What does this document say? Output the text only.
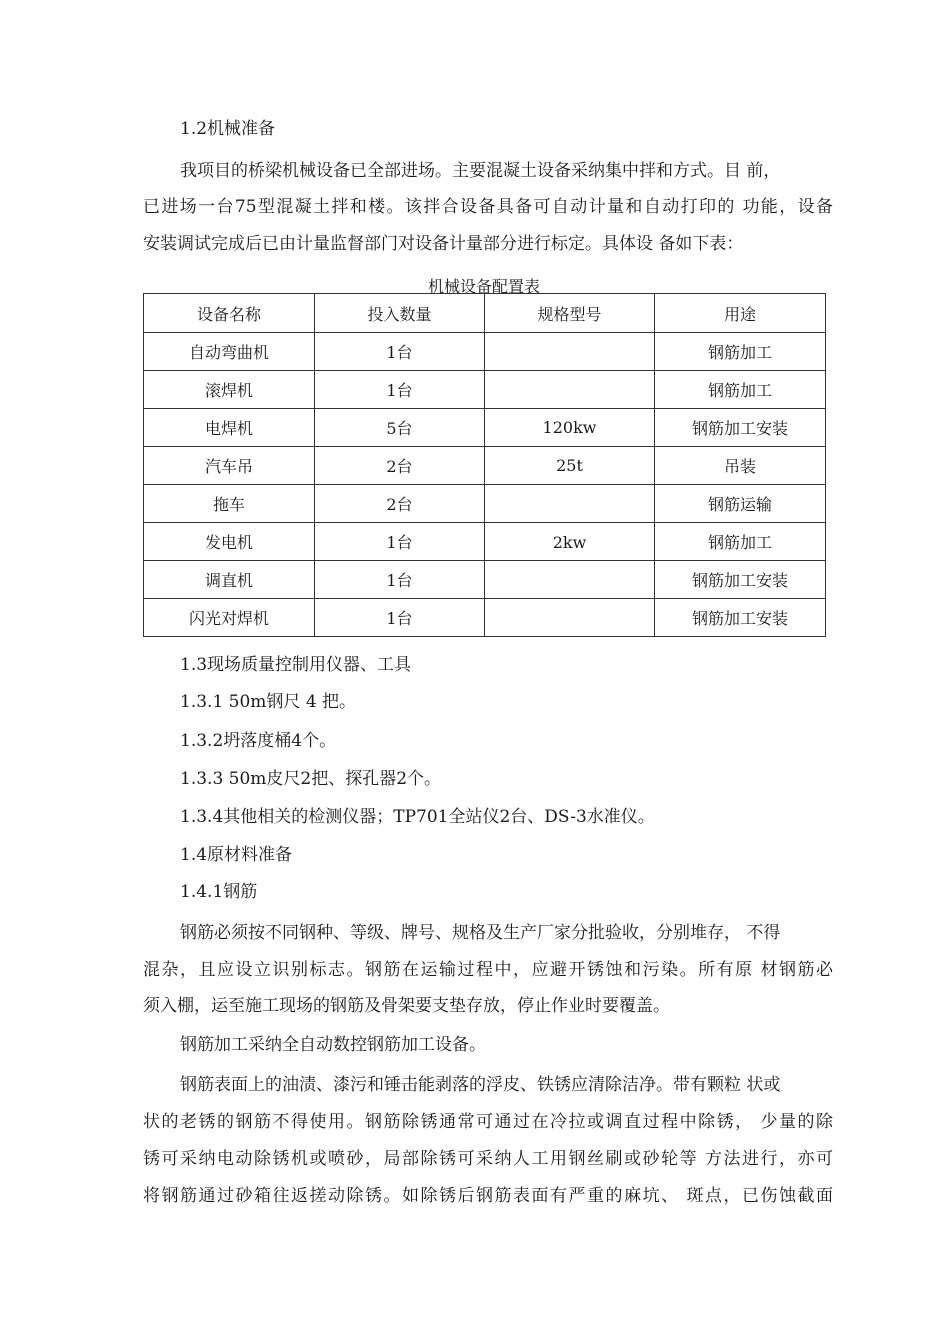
1.2机械准备
我项目的桥梁机械设备已全部进场。主要混凝土设备采纳集中拌和方式。目 前，
已进场一台75型混凝土拌和楼。该拌合设备具备可自动计量和自动打印的 功能，设备
安装调试完成后已由计量监督部门对设备计量部分进行标定。具体设 备如下表：
机械设备配置表
设备名称	投入数量	规格型号	用途
自动弯曲机	1台		钢筋加工
滚焊机	1台		钢筋加工
电焊机	5台	120kw	钢筋加工安装
汽车吊	2台	25t	吊装
拖车	2台		钢筋运输
发电机	1台	2kw	钢筋加工
调直机	1台		钢筋加工安装
闪光对焊机	1台		钢筋加工安装
1.3现场质量控制用仪器、工具
1.3.1 50m钢尺 4 把。
1.3.2坍落度桶4个。
1.3.3 50m皮尺2把、探孔器2个。
1.3.4其他相关的检测仪器；TP701全站仪2台、DS-3水准仪。
1.4原材料准备
1.4.1钢筋
钢筋必须按不同钢种、等级、牌号、规格及生产厂家分批验收，分别堆存， 不得
混杂，且应设立识别标志。钢筋在运输过程中，应避开锈蚀和污染。所有原 材钢筋必
须入棚，运至施工现场的钢筋及骨架要支垫存放，停止作业时要覆盖。
钢筋加工采纳全自动数控钢筋加工设备。
钢筋表面上的油渍、漆污和锤击能剥落的浮皮、铁锈应清除洁净。带有颗粒 状或
状的老锈的钢筋不得使用。钢筋除锈通常可通过在冷拉或调直过程中除锈， 少量的除
锈可采纳电动除锈机或喷砂，局部除锈可采纳人工用钢丝刷或砂轮等 方法进行，亦可
将钢筋通过砂箱往返搓动除锈。如除锈后钢筋表面有严重的麻坑、 斑点，已伤蚀截面
